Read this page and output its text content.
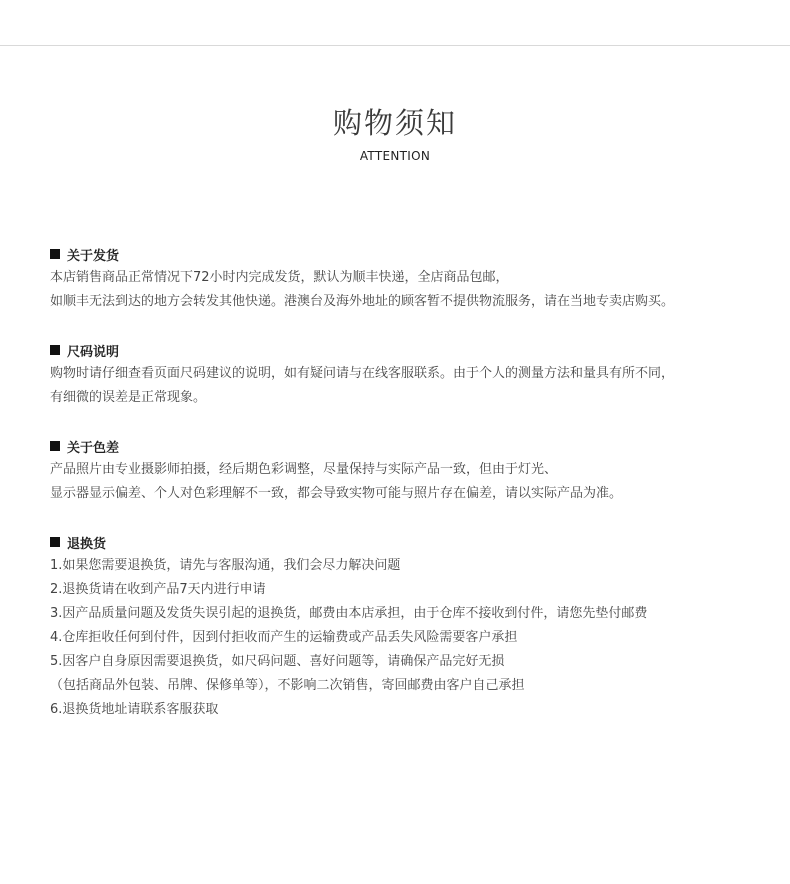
购物须知
ATTENTION
关于发货
本店销售商品正常情况下72小时内完成发货，默认为顺丰快递，全店商品包邮，
如顺丰无法到达的地方会转发其他快递。港澳台及海外地址的顾客暂不提供物流服务，请在当地专卖店购买。
尺码说明
购物时请仔细查看页面尺码建议的说明，如有疑问请与在线客服联系。由于个人的测量方法和量具有所不同，
有细微的误差是正常现象。
关于色差
产品照片由专业摄影师拍摄，经后期色彩调整，尽量保持与实际产品一致，但由于灯光、
显示器显示偏差、个人对色彩理解不一致，都会导致实物可能与照片存在偏差，请以实际产品为准。
退换货
1.如果您需要退换货，请先与客服沟通，我们会尽力解决问题
2.退换货请在收到产品7天内进行申请
3.因产品质量问题及发货失误引起的退换货，邮费由本店承担，由于仓库不接收到付件，请您先垫付邮费
4.仓库拒收任何到付件，因到付拒收而产生的运输费或产品丢失风险需要客户承担
5.因客户自身原因需要退换货，如尺码问题、喜好问题等，请确保产品完好无损
（包括商品外包装、吊牌、保修单等），不影响二次销售，寄回邮费由客户自己承担
6.退换货地址请联系客服获取
